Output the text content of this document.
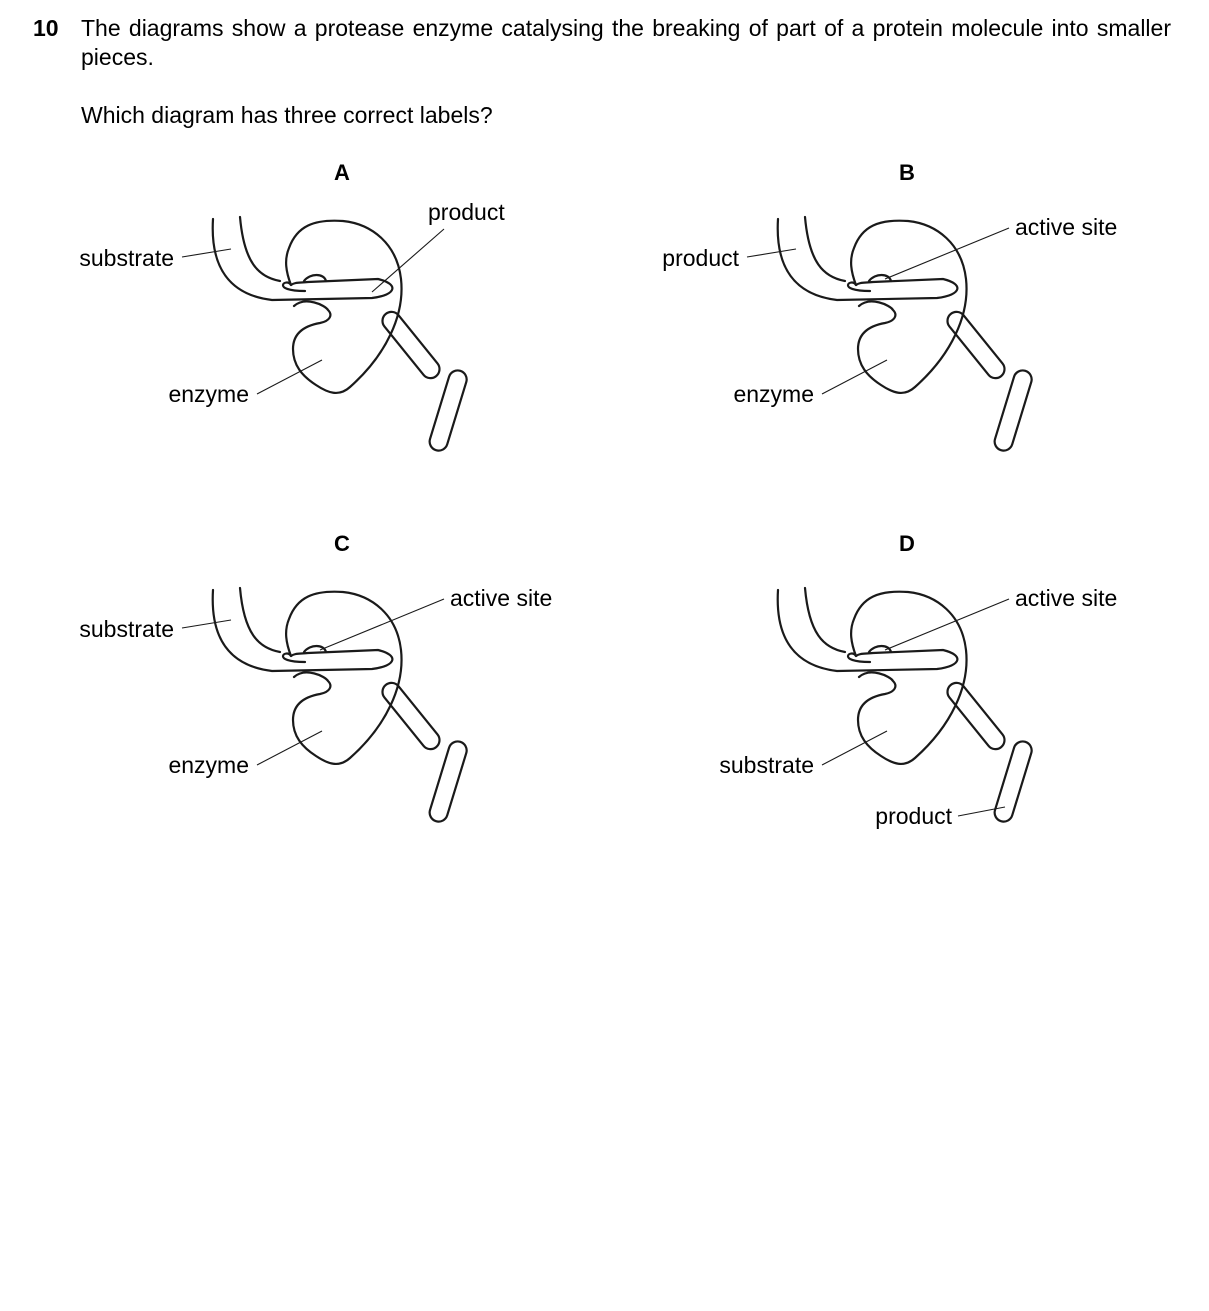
10 The diagrams show a protease enzyme catalysing the breaking of part of a protein molecule into smaller pieces.
Which diagram has three correct labels?
A
substrate
product
enzyme
B
product
active site
enzyme
C
substrate
active site
enzyme
D
active site
substrate
product
